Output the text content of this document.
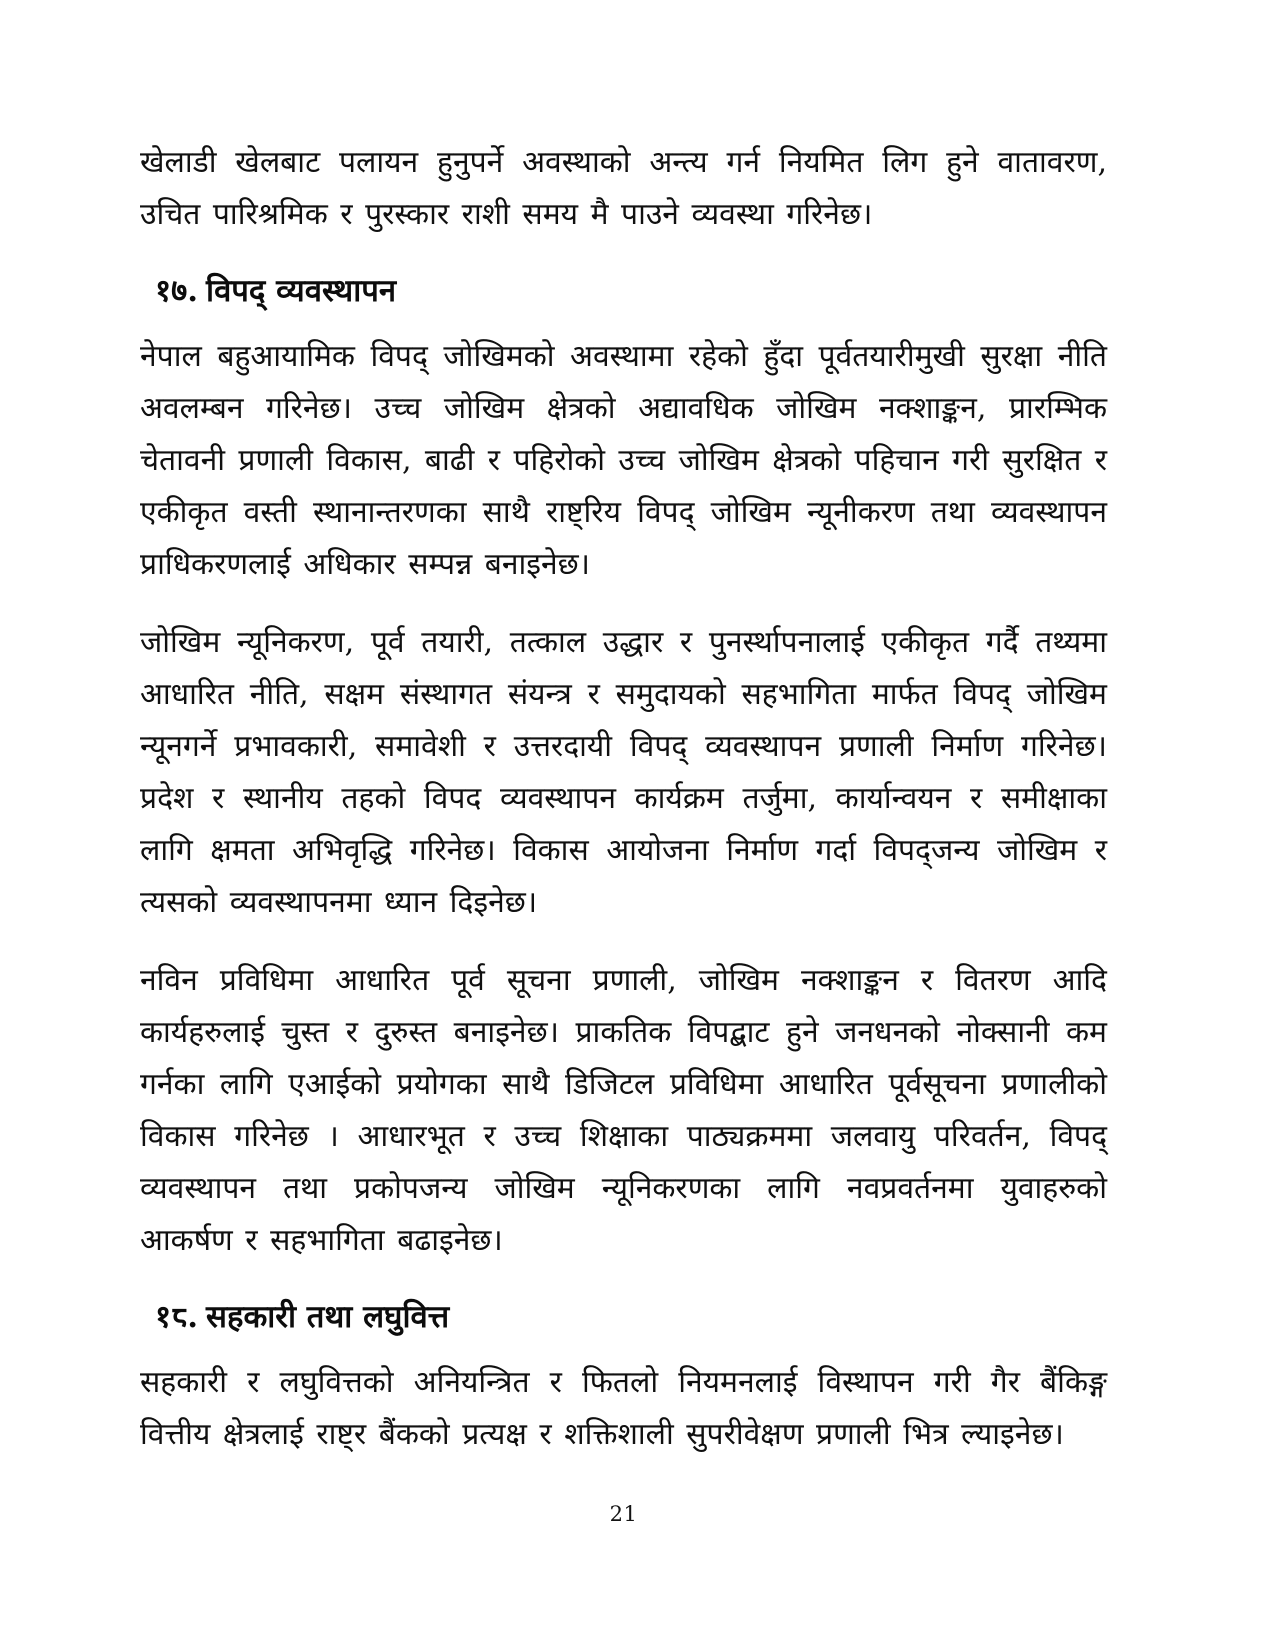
खेलाडी खेलबाट पलायन हुनुपर्ने अवस्थाको अन्त्य गर्न नियमित लिग हुने वातावरण, उचित पारिश्रमिक र पुरस्कार राशी समय मै पाउने व्यवस्था गरिनेछ।

१७. विपद् व्यवस्थापन

नेपाल बहुआयामिक विपद् जोखिमको अवस्थामा रहेको हुँदा पूर्वतयारीमुखी सुरक्षा नीति अवलम्बन गरिनेछ। उच्च जोखिम क्षेत्रको अद्यावधिक जोखिम नक्शाङ्कन, प्रारम्भिक चेतावनी प्रणाली विकास, बाढी र पहिरोको उच्च जोखिम क्षेत्रको पहिचान गरी सुरक्षित र एकीकृत वस्ती स्थानान्तरणका साथै राष्ट्रिय विपद् जोखिम न्यूनीकरण तथा व्यवस्थापन प्राधिकरणलाई अधिकार सम्पन्न बनाइनेछ।

जोखिम न्यूनिकरण, पूर्व तयारी, तत्काल उद्धार र पुनर्स्थापनालाई एकीकृत गर्दै तथ्यमा आधारित नीति, सक्षम संस्थागत संयन्त्र र समुदायको सहभागिता मार्फत विपद् जोखिम न्यूनगर्ने प्रभावकारी, समावेशी र उत्तरदायी विपद् व्यवस्थापन प्रणाली निर्माण गरिनेछ। प्रदेश र स्थानीय तहको विपद व्यवस्थापन कार्यक्रम तर्जुमा, कार्यान्वयन र समीक्षाका लागि क्षमता अभिवृद्धि गरिनेछ। विकास आयोजना निर्माण गर्दा विपद्जन्य जोखिम र त्यसको व्यवस्थापनमा ध्यान दिइनेछ।

नविन प्रविधिमा आधारित पूर्व सूचना प्रणाली, जोखिम नक्शाङ्कन र वितरण आदि कार्यहरुलाई चुस्त र दुरुस्त बनाइनेछ। प्राकतिक विपद्बाट हुने जनधनको नोक्सानी कम गर्नका लागि एआईको प्रयोगका साथै डिजिटल प्रविधिमा आधारित पूर्वसूचना प्रणालीको विकास गरिनेछ । आधारभूत र उच्च शिक्षाका पाठ्यक्रममा जलवायु परिवर्तन, विपद् व्यवस्थापन तथा प्रकोपजन्य जोखिम न्यूनिकरणका लागि नवप्रवर्तनमा युवाहरुको आकर्षण र सहभागिता बढाइनेछ।

१८. सहकारी तथा लघुवित्त

सहकारी र लघुवित्तको अनियन्त्रित र फितलो नियमनलाई विस्थापन गरी गैर बैंकिङ्ग वित्तीय क्षेत्रलाई राष्ट्र बैंकको प्रत्यक्ष र शक्तिशाली सुपरीवेक्षण प्रणाली भित्र ल्याइनेछ।

21
